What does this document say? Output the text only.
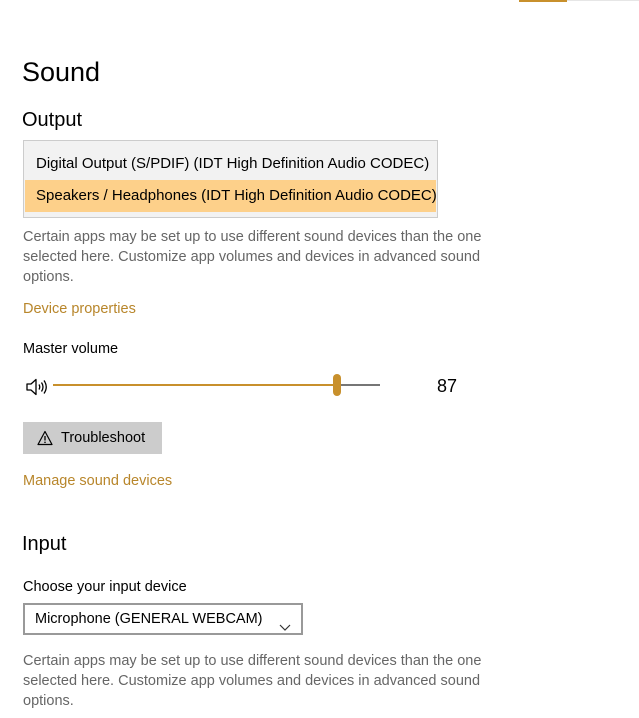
Sound
Output
Digital Output (S/PDIF) (IDT High Definition Audio CODEC)
Speakers / Headphones (IDT High Definition Audio CODEC)
Certain apps may be set up to use different sound devices than the one selected here. Customize app volumes and devices in advanced sound options.
Device properties
Master volume
87
Troubleshoot
Manage sound devices
Input
Choose your input device
Microphone (GENERAL WEBCAM)
Certain apps may be set up to use different sound devices than the one selected here. Customize app volumes and devices in advanced sound options.
